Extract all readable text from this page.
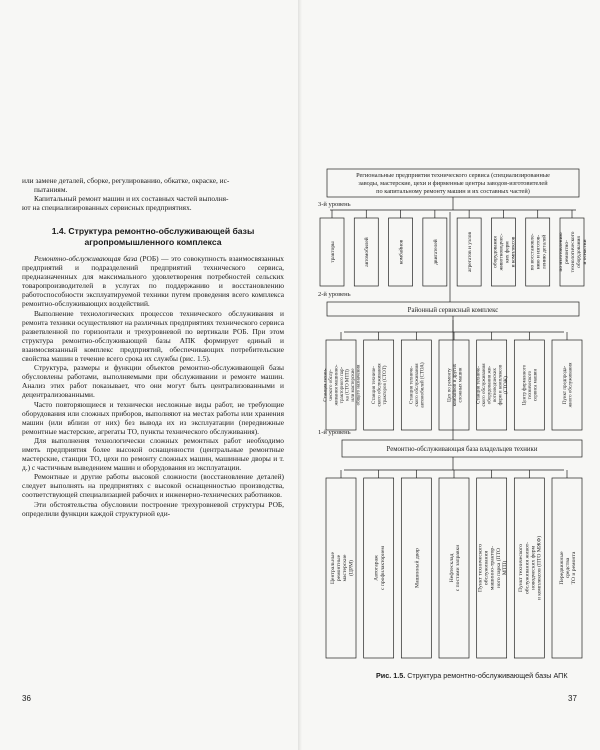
или замене деталей, сборке, регулированию, обкатке, окраске, ис-

пытаниям.

Капитальный ремонт машин и их составных частей выполня-

ют на специализированных сервисных предприятиях.

1.4. Структура ремонтно-обслуживающей базы
агропромышленного комплекса

Ремонтно-обслуживающая база (РОБ) — это совокупность взаимосвязанных предприятий и подразделений предприятий технического сервиса, предназначенных для максимального удовлетворения потребностей сельских товаропроизводителей в услугах по поддержанию и восстановлению работоспособности эксплуатируемой техники путем проведения всего комплекса ремонтно-обслуживающих воздействий.

Выполнение технологических процессов технического обслуживания и ремонта техники осуществляют на различных предприятиях технического сервиса разветвленной по горизонтали и трехуровневой по вертикали РОБ. При этом структура ремонтно-обслуживающей базы АПК формирует единый и взаимосвязанный комплекс предприятий, обеспечивающих потребительские свойства машин в течение всего срока их службы (рис. 1.5).

Структура, размеры и функции объектов ремонтно-обслуживающей базы обусловлены работами, выполняемыми при обслуживании и ремонте машин. Анализ этих работ показывает, что они могут быть централизованными и децентрализованными.

Часто повторяющиеся и технически несложные виды работ, не требующие оборудования или сложных приборов, выполняют на местах работы или хранения машин (или вблизи от них) без вывода их из эксплуатации (передвижные ремонтные мастерские, агрегаты ТО, пункты технического обслуживания).

Для выполнения технологически сложных ремонтных работ необходимо иметь предприятия более высокой оснащенности (центральные ремонтные мастерские, станции ТО, цехи по ремонту сложных машин, машинные дворы и т. д.) с частичным выведением машин и оборудования из эксплуатации.

Ремонтные и другие работы высокой сложности (восстановление деталей) следует выполнять на предприятиях с высокой оснащенностью производства, соответствующей специализацией рабочих и инженерно-технических работников.

Эти обстоятельства обусловили построение трехуровневой структуры РОБ, определили функции каждой структурной еди-

36
Региональные предприятия технического сервиса (специализированные
заводы, мастерские, цехи и фирменные центры заводов-изготовителей
по капитальному ремонту машин и их составных частей)
3-й уровень
тракторы	автомобилей	комбайнов	двигателей	агрегатов и узлов	оборудования животноводчес- ких ферм и комплексов по восстановле- нию и изготов- лению деталей по изготовлению ремонтно- технологического оборудования и оснастки
2-й уровень
Районный сервисный комплекс
Станция техни- ческого обслу- живания машинно- тракторного пар- ка (СТО МТП) или мастерские общего назначения Станция техниче- ского обслуживания тракторов (СТОТ)	Станция техниче- ского обслуживания автомобилей (СТОА)	Цех по ремонту комбайнов и других сложных машин	Станция техниче- ского обслуживания оборудования жи- вотноводческих ферм и комплексов (СТОЖ)	Центр фирменного технического сервиса машин	Пункт предпрода- жного обслуживания
1-й уровень
Ремонтно-обслуживающая база владельцев техники
Центральные ремонтные мастерские (ЦРМ)	Автогараж с профилакторием	Машинный двор	Нефтесклад с постами заправки	Пункт технического обслуживания машинно-трактор- ного парка (ПТО МТП) Пункт технического обслуживания живот- новодческих ферм и комплексов (ПТО МЖФ)	Передвижные средства ТО и ремонта
Рис. 1.5. Структура ремонтно-обслуживающей базы АПК
37
